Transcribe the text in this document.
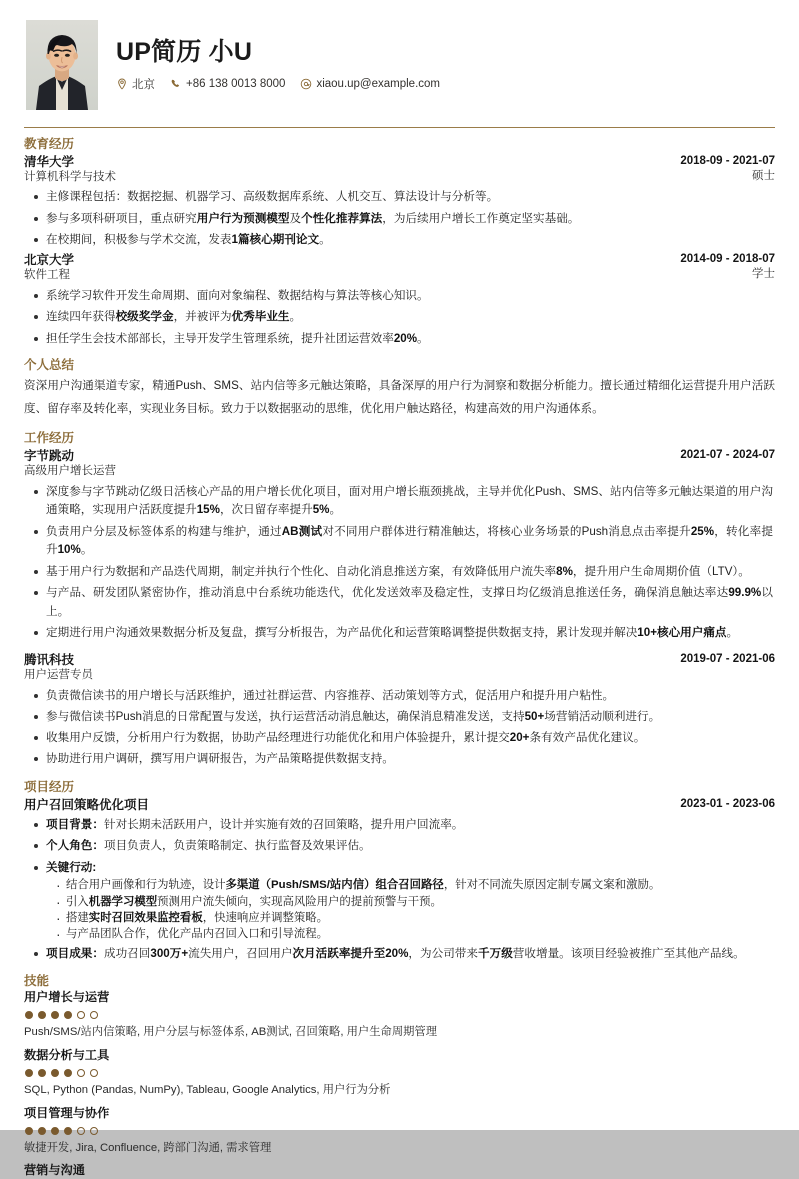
UP简历 小U
北京	+86 138 0013 8000	xiaou.up@example.com
教育经历
清华大学
计算机科学与技术
2018-09 - 2021-07
硕士
主修课程包括：数据挖掘、机器学习、高级数据库系统、人机交互、算法设计与分析等。
参与多项科研项目，重点研究用户行为预测模型及个性化推荐算法，为后续用户增长工作奠定坚实基础。
在校期间，积极参与学术交流，发表1篇核心期刊论文。
北京大学
软件工程
2014-09 - 2018-07
学士
系统学习软件开发生命周期、面向对象编程、数据结构与算法等核心知识。
连续四年获得校级奖学金，并被评为优秀毕业生。
担任学生会技术部部长，主导开发学生管理系统，提升社团运营效率20%。
个人总结
资深用户沟通渠道专家，精通Push、SMS、站内信等多元触达策略，具备深厚的用户行为洞察和数据分析能力。擅长通过精细化运营提升用户活跃度、留存率及转化率，实现业务目标。致力于以数据驱动的思维，优化用户触达路径，构建高效的用户沟通体系。
工作经历
字节跳动
高级用户增长运营
2021-07 - 2024-07
深度参与字节跳动亿级日活核心产品的用户增长优化项目，面对用户增长瓶颈挑战，主导并优化Push、SMS、站内信等多元触达渠道的用户沟通策略，实现用户活跃度提升15%，次日留存率提升5%。
负责用户分层及标签体系的构建与维护，通过AB测试对不同用户群体进行精准触达，将核心业务场景的Push消息点击率提升25%，转化率提升10%。
基于用户行为数据和产品迭代周期，制定并执行个性化、自动化消息推送方案，有效降低用户流失率8%，提升用户生命周期价值（LTV）。
与产品、研发团队紧密协作，推动消息中台系统功能迭代，优化发送效率及稳定性，支撑日均亿级消息推送任务，确保消息触达率达99.9%以上。
定期进行用户沟通效果数据分析及复盘，撰写分析报告，为产品优化和运营策略调整提供数据支持，累计发现并解决10+核心用户痛点。
腾讯科技
用户运营专员
2019-07 - 2021-06
负责微信读书的用户增长与活跃维护，通过社群运营、内容推荐、活动策划等方式，促活用户和提升用户粘性。
参与微信读书Push消息的日常配置与发送，执行运营活动消息触达，确保消息精准发送，支持50+场营销活动顺利进行。
收集用户反馈，分析用户行为数据，协助产品经理进行功能优化和用户体验提升，累计提交20+条有效产品优化建议。
协助进行用户调研，撰写用户调研报告，为产品策略提供数据支持。
项目经历
用户召回策略优化项目	2023-01 - 2023-06
项目背景：针对长期未活跃用户，设计并实施有效的召回策略，提升用户回流率。
个人角色：项目负责人，负责策略制定、执行监督及效果评估。
关键行动:
· 结合用户画像和行为轨迹，设计多渠道（Push/SMS/站内信）组合召回路径，针对不同流失原因定制专属文案和激励。
· 引入机器学习模型预测用户流失倾向，实现高风险用户的提前预警与干预。
· 搭建实时召回效果监控看板，快速响应并调整策略。
· 与产品团队合作，优化产品内召回入口和引导流程。
项目成果：成功召回300万+流失用户，召回用户次月活跃率提升至20%，为公司带来千万级营收增量。该项目经验被推广至其他产品线。
技能
用户增长与运营
Push/SMS/站内信策略, 用户分层与标签体系, AB测试, 召回策略, 用户生命周期管理
数据分析与工具
SQL, Python (Pandas, NumPy), Tableau, Google Analytics, 用户行为分析
项目管理与协作
敏捷开发, Jira, Confluence, 跨部门沟通, 需求管理
营销与沟通
